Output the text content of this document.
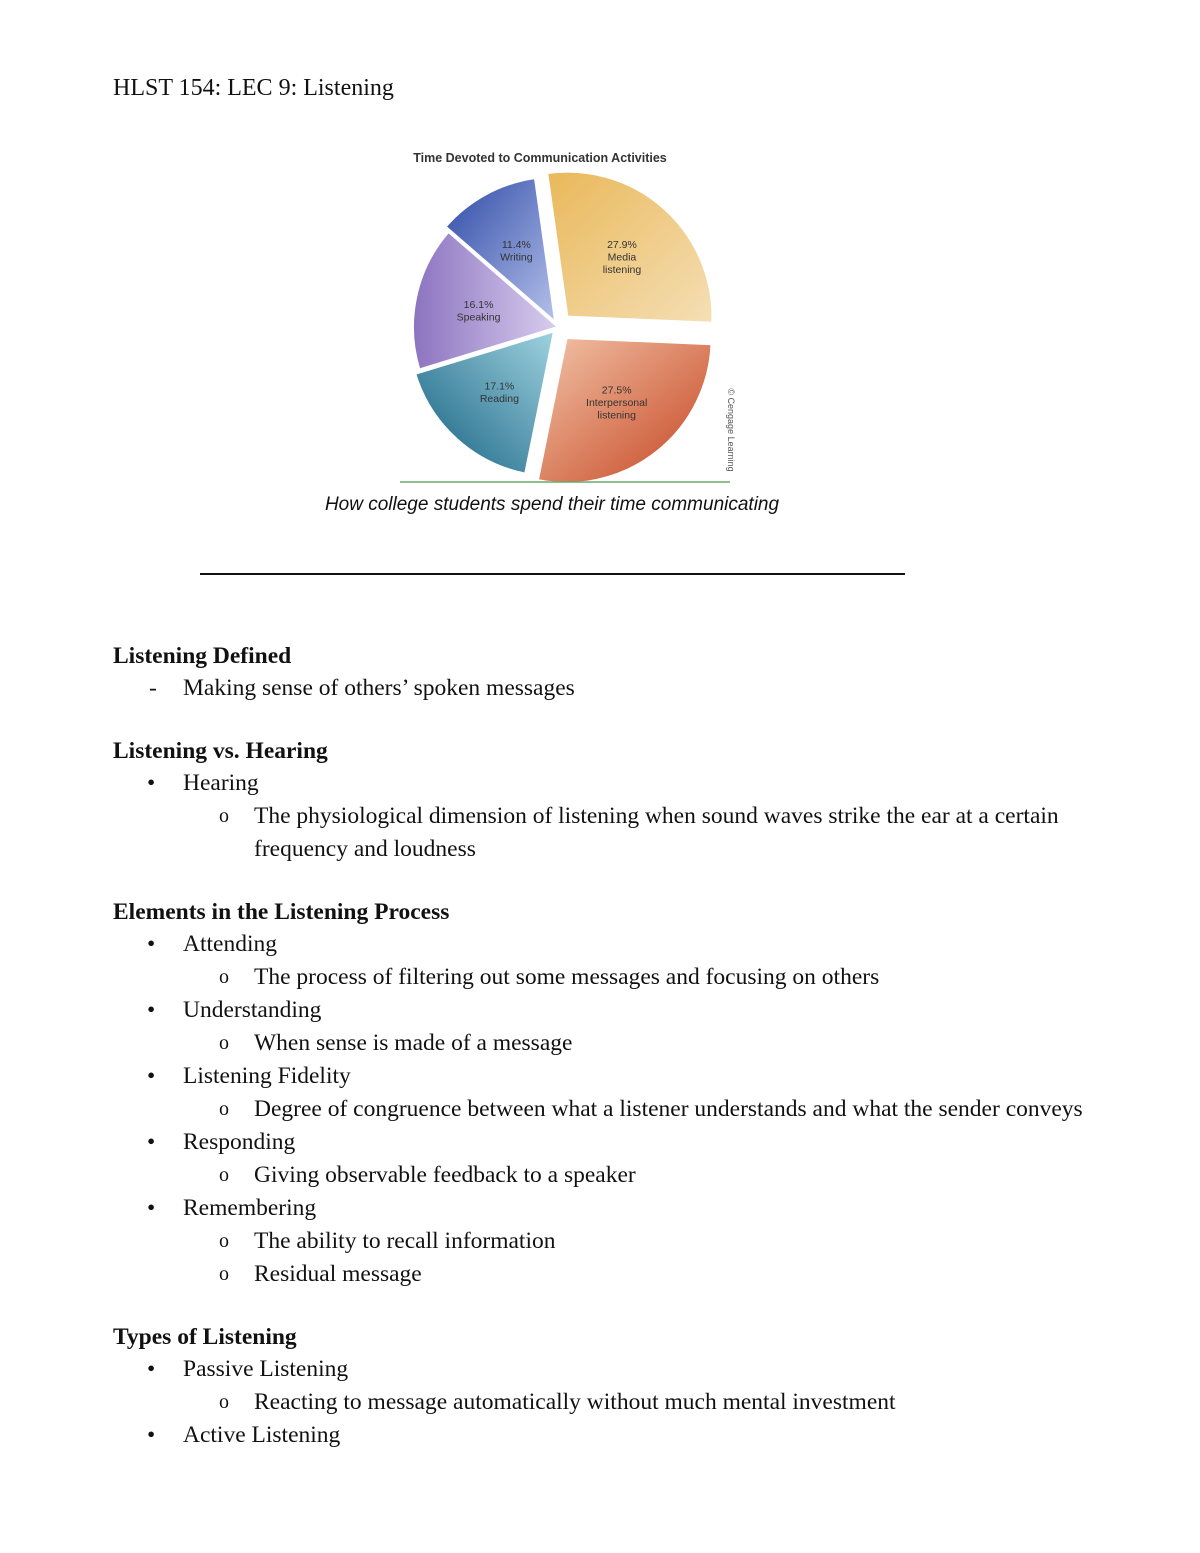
HLST 154: LEC 9: Listening
Time Devoted to Communication Activities
27.9% Media listening
27.5% Interpersonal listening
17.1% Reading
16.1% Speaking
11.4% Writing
© Cengage Learning
How college students spend their time communicating
Listening Defined
- Making sense of others’ spoken messages
Listening vs. Hearing
• Hearing
o The physiological dimension of listening when sound waves strike the ear at a certain frequency and loudness
Elements in the Listening Process
• Attending
o The process of filtering out some messages and focusing on others
• Understanding
o When sense is made of a message
• Listening Fidelity
o Degree of congruence between what a listener understands and what the sender conveys
• Responding
o Giving observable feedback to a speaker
• Remembering
o The ability to recall information
o Residual message
Types of Listening
• Passive Listening
o Reacting to message automatically without much mental investment
• Active Listening
